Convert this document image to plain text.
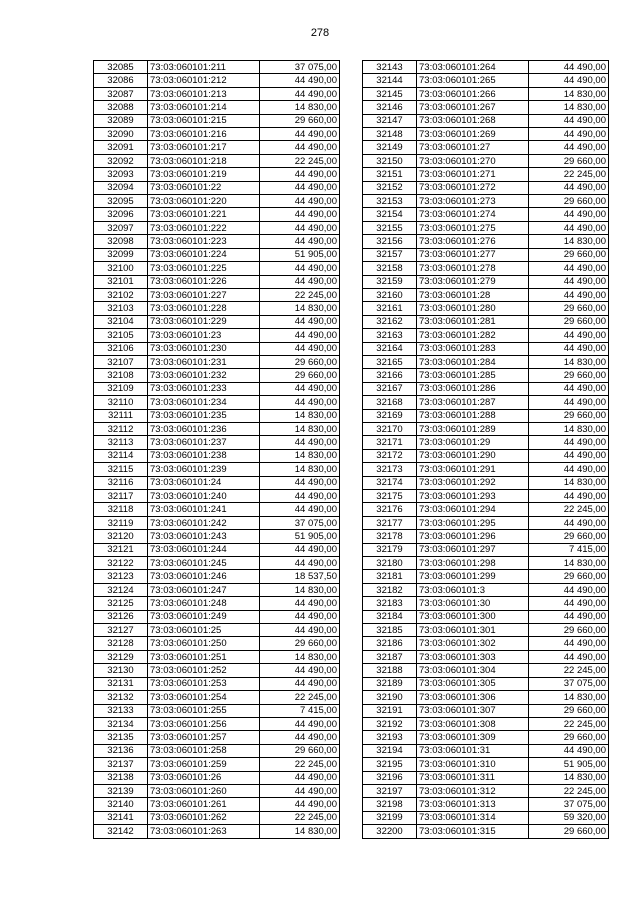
278
32085	73:03:060101:211	37 075,00
32086	73:03:060101:212	44 490,00
32087	73:03:060101:213	44 490,00
32088	73:03:060101:214	14 830,00
32089	73:03:060101:215	29 660,00
32090	73:03:060101:216	44 490,00
32091	73:03:060101:217	44 490,00
32092	73:03:060101:218	22 245,00
32093	73:03:060101:219	44 490,00
32094	73:03:060101:22	44 490,00
32095	73:03:060101:220	44 490,00
32096	73:03:060101:221	44 490,00
32097	73:03:060101:222	44 490,00
32098	73:03:060101:223	44 490,00
32099	73:03:060101:224	51 905,00
32100	73:03:060101:225	44 490,00
32101	73:03:060101:226	44 490,00
32102	73:03:060101:227	22 245,00
32103	73:03:060101:228	14 830,00
32104	73:03:060101:229	44 490,00
32105	73:03:060101:23	44 490,00
32106	73:03:060101:230	44 490,00
32107	73:03:060101:231	29 660,00
32108	73:03:060101:232	29 660,00
32109	73:03:060101:233	44 490,00
32110	73:03:060101:234	44 490,00
32111	73:03:060101:235	14 830,00
32112	73:03:060101:236	14 830,00
32113	73:03:060101:237	44 490,00
32114	73:03:060101:238	14 830,00
32115	73:03:060101:239	14 830,00
32116	73:03:060101:24	44 490,00
32117	73:03:060101:240	44 490,00
32118	73:03:060101:241	44 490,00
32119	73:03:060101:242	37 075,00
32120	73:03:060101:243	51 905,00
32121	73:03:060101:244	44 490,00
32122	73:03:060101:245	44 490,00
32123	73:03:060101:246	18 537,50
32124	73:03:060101:247	14 830,00
32125	73:03:060101:248	44 490,00
32126	73:03:060101:249	44 490,00
32127	73:03:060101:25	44 490,00
32128	73:03:060101:250	29 660,00
32129	73:03:060101:251	14 830,00
32130	73:03:060101:252	44 490,00
32131	73:03:060101:253	44 490,00
32132	73:03:060101:254	22 245,00
32133	73:03:060101:255	7 415,00
32134	73:03:060101:256	44 490,00
32135	73:03:060101:257	44 490,00
32136	73:03:060101:258	29 660,00
32137	73:03:060101:259	22 245,00
32138	73:03:060101:26	44 490,00
32139	73:03:060101:260	44 490,00
32140	73:03:060101:261	44 490,00
32141	73:03:060101:262	22 245,00
32142	73:03:060101:263	14 830,00
32143	73:03:060101:264	44 490,00
32144	73:03:060101:265	44 490,00
32145	73:03:060101:266	14 830,00
32146	73:03:060101:267	14 830,00
32147	73:03:060101:268	44 490,00
32148	73:03:060101:269	44 490,00
32149	73:03:060101:27	44 490,00
32150	73:03:060101:270	29 660,00
32151	73:03:060101:271	22 245,00
32152	73:03:060101:272	44 490,00
32153	73:03:060101:273	29 660,00
32154	73:03:060101:274	44 490,00
32155	73:03:060101:275	44 490,00
32156	73:03:060101:276	14 830,00
32157	73:03:060101:277	29 660,00
32158	73:03:060101:278	44 490,00
32159	73:03:060101:279	44 490,00
32160	73:03:060101:28	44 490,00
32161	73:03:060101:280	29 660,00
32162	73:03:060101:281	29 660,00
32163	73:03:060101:282	44 490,00
32164	73:03:060101:283	44 490,00
32165	73:03:060101:284	14 830,00
32166	73:03:060101:285	29 660,00
32167	73:03:060101:286	44 490,00
32168	73:03:060101:287	44 490,00
32169	73:03:060101:288	29 660,00
32170	73:03:060101:289	14 830,00
32171	73:03:060101:29	44 490,00
32172	73:03:060101:290	44 490,00
32173	73:03:060101:291	44 490,00
32174	73:03:060101:292	14 830,00
32175	73:03:060101:293	44 490,00
32176	73:03:060101:294	22 245,00
32177	73:03:060101:295	44 490,00
32178	73:03:060101:296	29 660,00
32179	73:03:060101:297	7 415,00
32180	73:03:060101:298	14 830,00
32181	73:03:060101:299	29 660,00
32182	73:03:060101:3	44 490,00
32183	73:03:060101:30	44 490,00
32184	73:03:060101:300	44 490,00
32185	73:03:060101:301	29 660,00
32186	73:03:060101:302	44 490,00
32187	73:03:060101:303	44 490,00
32188	73:03:060101:304	22 245,00
32189	73:03:060101:305	37 075,00
32190	73:03:060101:306	14 830,00
32191	73:03:060101:307	29 660,00
32192	73:03:060101:308	22 245,00
32193	73:03:060101:309	29 660,00
32194	73:03:060101:31	44 490,00
32195	73:03:060101:310	51 905,00
32196	73:03:060101:311	14 830,00
32197	73:03:060101:312	22 245,00
32198	73:03:060101:313	37 075,00
32199	73:03:060101:314	59 320,00
32200	73:03:060101:315	29 660,00
